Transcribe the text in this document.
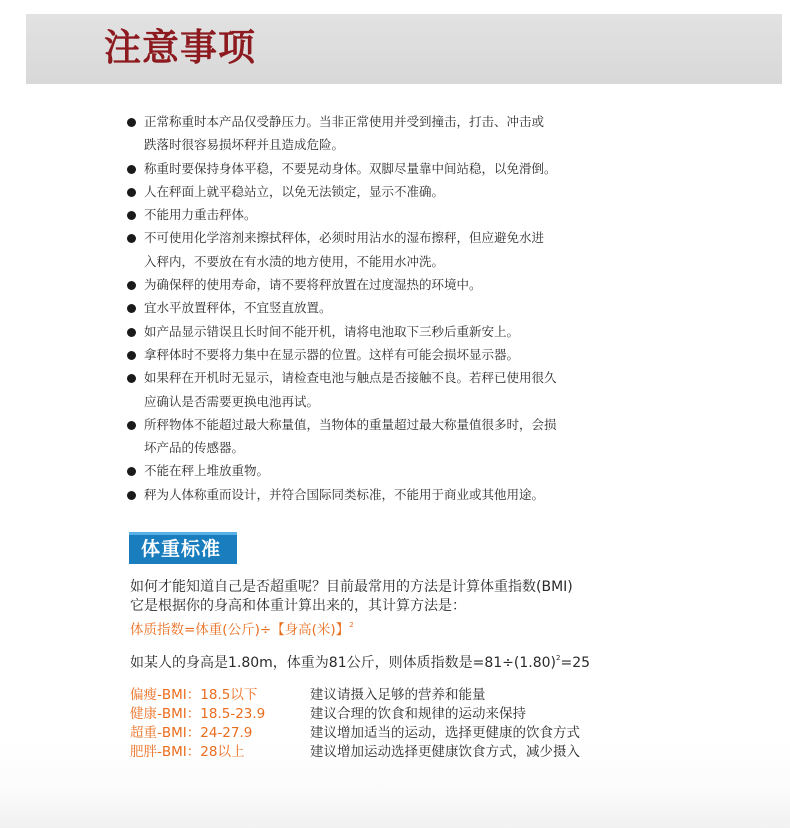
注意事项
正常称重时本产品仅受静压力。当非正常使用并受到撞击，打击、冲击或
跌落时很容易损坏秤并且造成危险。
称重时要保持身体平稳，不要晃动身体。双脚尽量靠中间站稳，以免滑倒。
人在秤面上就平稳站立，以免无法锁定，显示不准确。
不能用力重击秤体。
不可使用化学溶剂来擦拭秤体，必须时用沾水的湿布擦秤，但应避免水进
入秤内，不要放在有水渍的地方使用，不能用水冲洗。
为确保秤的使用寿命，请不要将秤放置在过度湿热的环境中。
宜水平放置秤体，不宜竖直放置。
如产品显示错误且长时间不能开机，请将电池取下三秒后重新安上。
拿秤体时不要将力集中在显示器的位置。这样有可能会损坏显示器。
如果秤在开机时无显示，请检查电池与触点是否接触不良。若秤已使用很久
应确认是否需要更换电池再试。
所秤物体不能超过最大称量值，当物体的重量超过最大称量值很多时，会损
坏产品的传感器。
不能在秤上堆放重物。
秤为人体称重而设计，并符合国际同类标准，不能用于商业或其他用途。
体重标准
如何才能知道自己是否超重呢？目前最常用的方法是计算体重指数(BMI)
它是根据你的身高和体重计算出来的，其计算方法是：
体质指数=体重(公斤)÷【身高(米)】$^2$
如某人的身高是1.80m，体重为81公斤，则体质指数是$=81\div(1.80)^2=25$
偏瘦-BMI：18.5以下	建议请摄入足够的营养和能量
健康-BMI：18.5-23.9	建议合理的饮食和规律的运动来保持
超重-BMI：24-27.9	建议增加适当的运动，选择更健康的饮食方式
肥胖-BMI：28以上	建议增加运动选择更健康饮食方式，减少摄入
